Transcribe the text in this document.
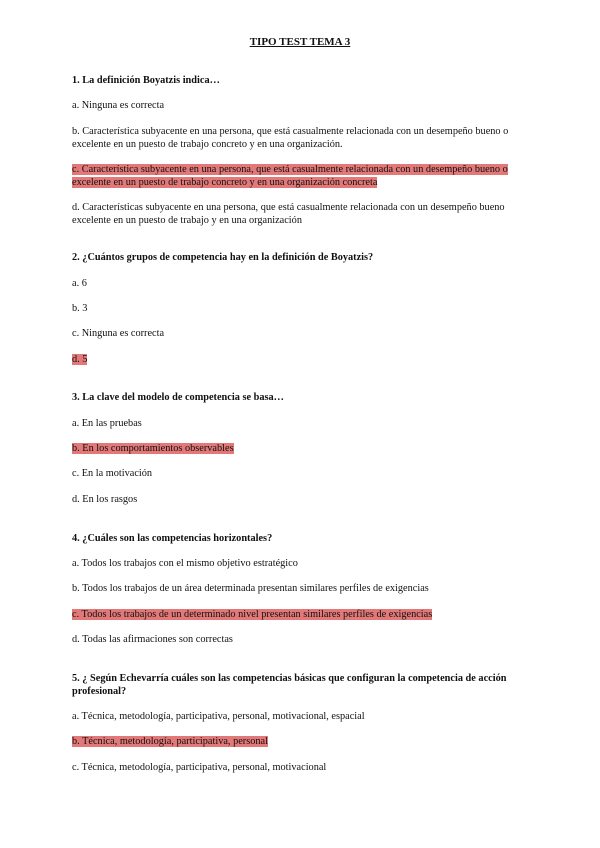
TIPO TEST TEMA 3
1. La definición Boyatzis indica…
a. Ninguna es correcta
b. Característica subyacente en una persona, que está casualmente relacionada con un desempeño bueno o excelente en un puesto de trabajo concreto y en una organización.
c. Característica subyacente en una persona, que está casualmente relacionada con un desempeño bueno o excelente en un puesto de trabajo concreto y en una organización concreta
d. Características subyacente en una persona, que está casualmente relacionada con un desempeño bueno excelente en un puesto de trabajo y en una organización
2. ¿Cuántos grupos de competencia hay en la definición de Boyatzis?
a. 6
b. 3
c. Ninguna es correcta
d. 5
3. La clave del modelo de competencia se basa…
a. En las pruebas
b. En los comportamientos observables
c. En la motivación
d. En los rasgos
4. ¿Cuáles son las competencias horizontales?
a. Todos los trabajos con el mismo objetivo estratégico
b. Todos los trabajos de un área determinada presentan similares perfiles de exigencias
c. Todos los trabajos de un determinado nivel presentan similares perfiles de exigencias
d. Todas las afirmaciones son correctas
5. ¿ Según Echevarría cuáles son las competencias básicas que configuran la competencia de acción profesional?
a. Técnica, metodología, participativa, personal, motivacional, espacial
b. Técnica, metodología, participativa, personal
c. Técnica, metodología, participativa, personal, motivacional
